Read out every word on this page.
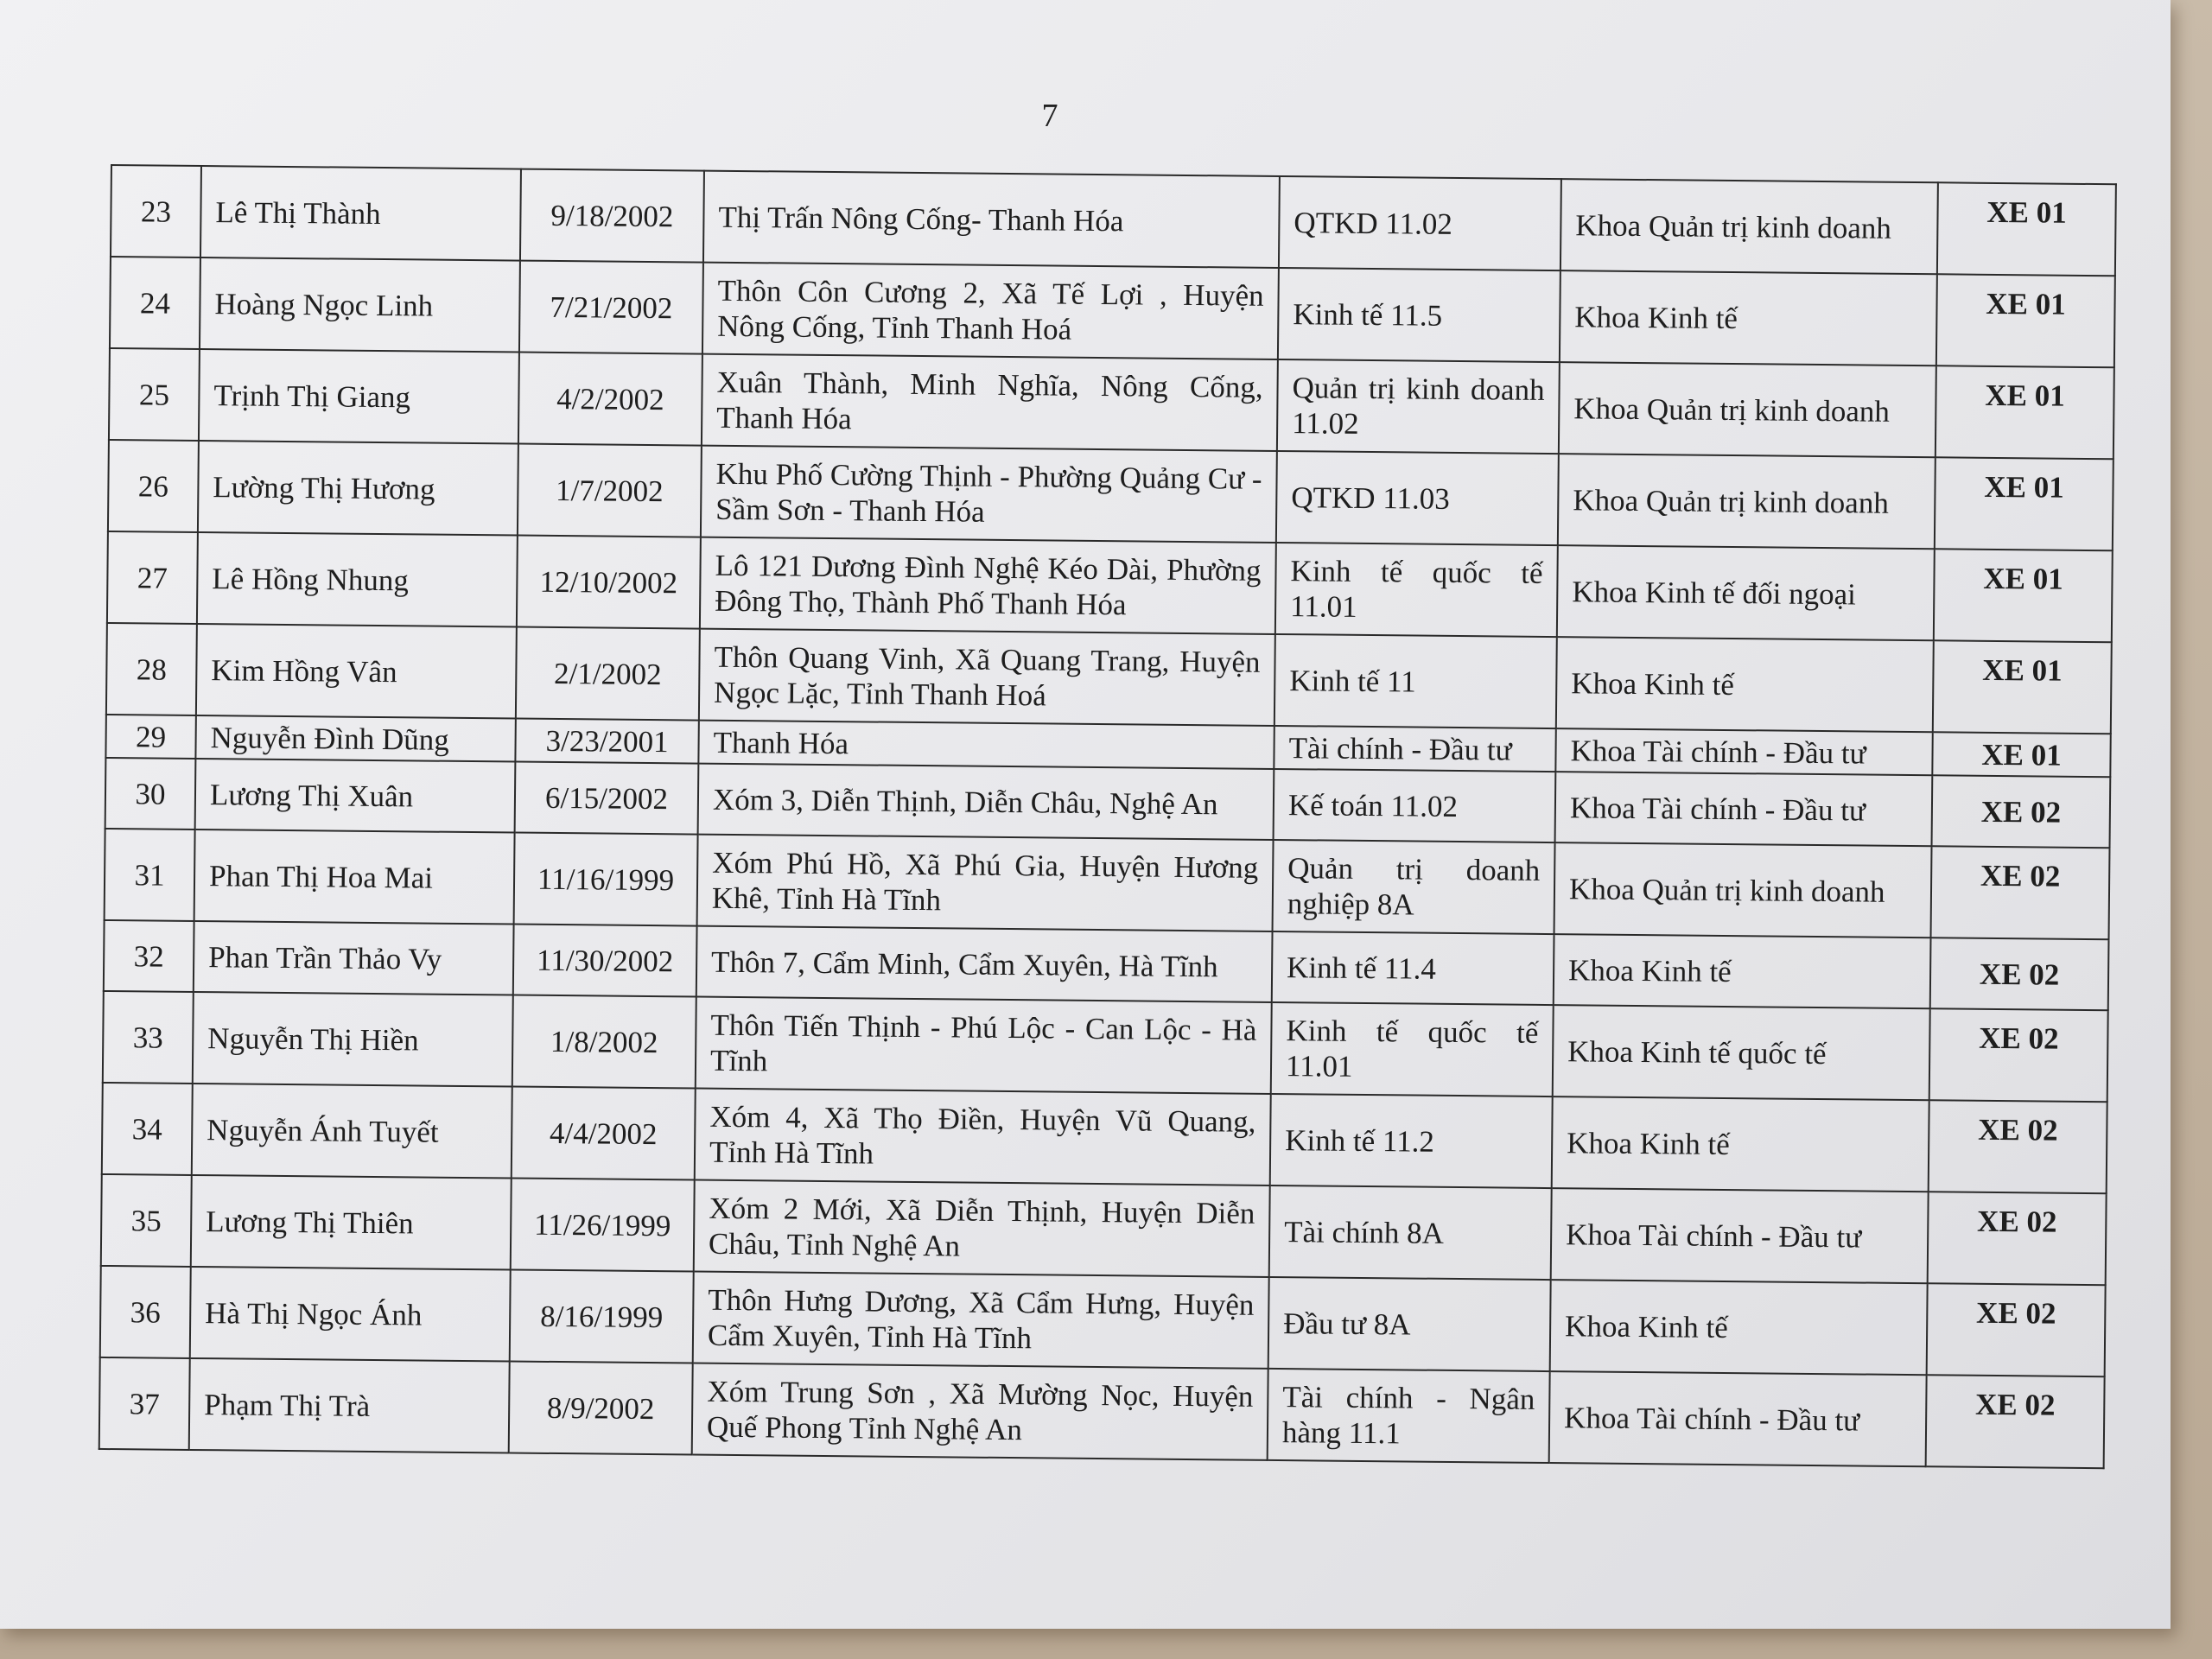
7
23	Lê Thị Thành	9/18/2002	Thị Trấn Nông Cống- Thanh Hóa	QTKD 11.02	Khoa Quản trị kinh doanh	XE 01
24	Hoàng Ngọc Linh	7/21/2002	Thôn Côn Cương 2, Xã Tế Lợi , Huyện Nông Cống, Tỉnh Thanh Hoá	Kinh tế 11.5	Khoa Kinh tế	XE 01
25	Trịnh Thị Giang	4/2/2002	Xuân Thành, Minh Nghĩa, Nông Cống, Thanh Hóa	Quản trị kinh doanh 11.02	Khoa Quản trị kinh doanh	XE 01
26	Lường Thị Hương	1/7/2002	Khu Phố Cường Thịnh - Phường Quảng Cư - Sầm Sơn - Thanh Hóa	QTKD 11.03	Khoa Quản trị kinh doanh	XE 01
27	Lê Hồng Nhung	12/10/2002	Lô 121 Dương Đình Nghệ Kéo Dài, Phường Đông Thọ, Thành Phố Thanh Hóa	Kinh tế quốc tế 11.01	Khoa Kinh tế đối ngoại	XE 01
28	Kim Hồng Vân	2/1/2002	Thôn Quang Vinh, Xã Quang Trang, Huyện Ngọc Lặc, Tỉnh Thanh Hoá	Kinh tế 11	Khoa Kinh tế	XE 01
29	Nguyễn Đình Dũng	3/23/2001	Thanh Hóa	Tài chính - Đầu tư	Khoa Tài chính - Đầu tư	XE 01
30	Lương Thị Xuân	6/15/2002	Xóm 3, Diễn Thịnh, Diễn Châu, Nghệ An	Kế toán 11.02	Khoa Tài chính - Đầu tư	XE 02
31	Phan Thị Hoa Mai	11/16/1999	Xóm Phú Hồ, Xã Phú Gia, Huyện Hương Khê, Tỉnh Hà Tĩnh	Quản trị doanh nghiệp 8A	Khoa Quản trị kinh doanh	XE 02
32	Phan Trần Thảo Vy	11/30/2002	Thôn 7, Cẩm Minh, Cẩm Xuyên, Hà Tĩnh	Kinh tế 11.4	Khoa Kinh tế	XE 02
33	Nguyễn Thị Hiền	1/8/2002	Thôn Tiến Thịnh - Phú Lộc - Can Lộc - Hà Tĩnh	Kinh tế quốc tế 11.01	Khoa Kinh tế quốc tế	XE 02
34	Nguyễn Ánh Tuyết	4/4/2002	Xóm 4, Xã Thọ Điền, Huyện Vũ Quang, Tỉnh Hà Tĩnh	Kinh tế 11.2	Khoa Kinh tế	XE 02
35	Lương Thị Thiên	11/26/1999	Xóm 2 Mới, Xã Diễn Thịnh, Huyện Diễn Châu, Tỉnh Nghệ An	Tài chính 8A	Khoa Tài chính - Đầu tư	XE 02
36	Hà Thị Ngọc Ánh	8/16/1999	Thôn Hưng Dương, Xã Cẩm Hưng, Huyện Cẩm Xuyên, Tỉnh Hà Tĩnh	Đầu tư 8A	Khoa Kinh tế	XE 02
37	Phạm Thị Trà	8/9/2002	Xóm Trung Sơn , Xã Mường Nọc, Huyện Quế Phong Tỉnh Nghệ An	Tài chính - Ngân hàng 11.1	Khoa Tài chính - Đầu tư	XE 02
